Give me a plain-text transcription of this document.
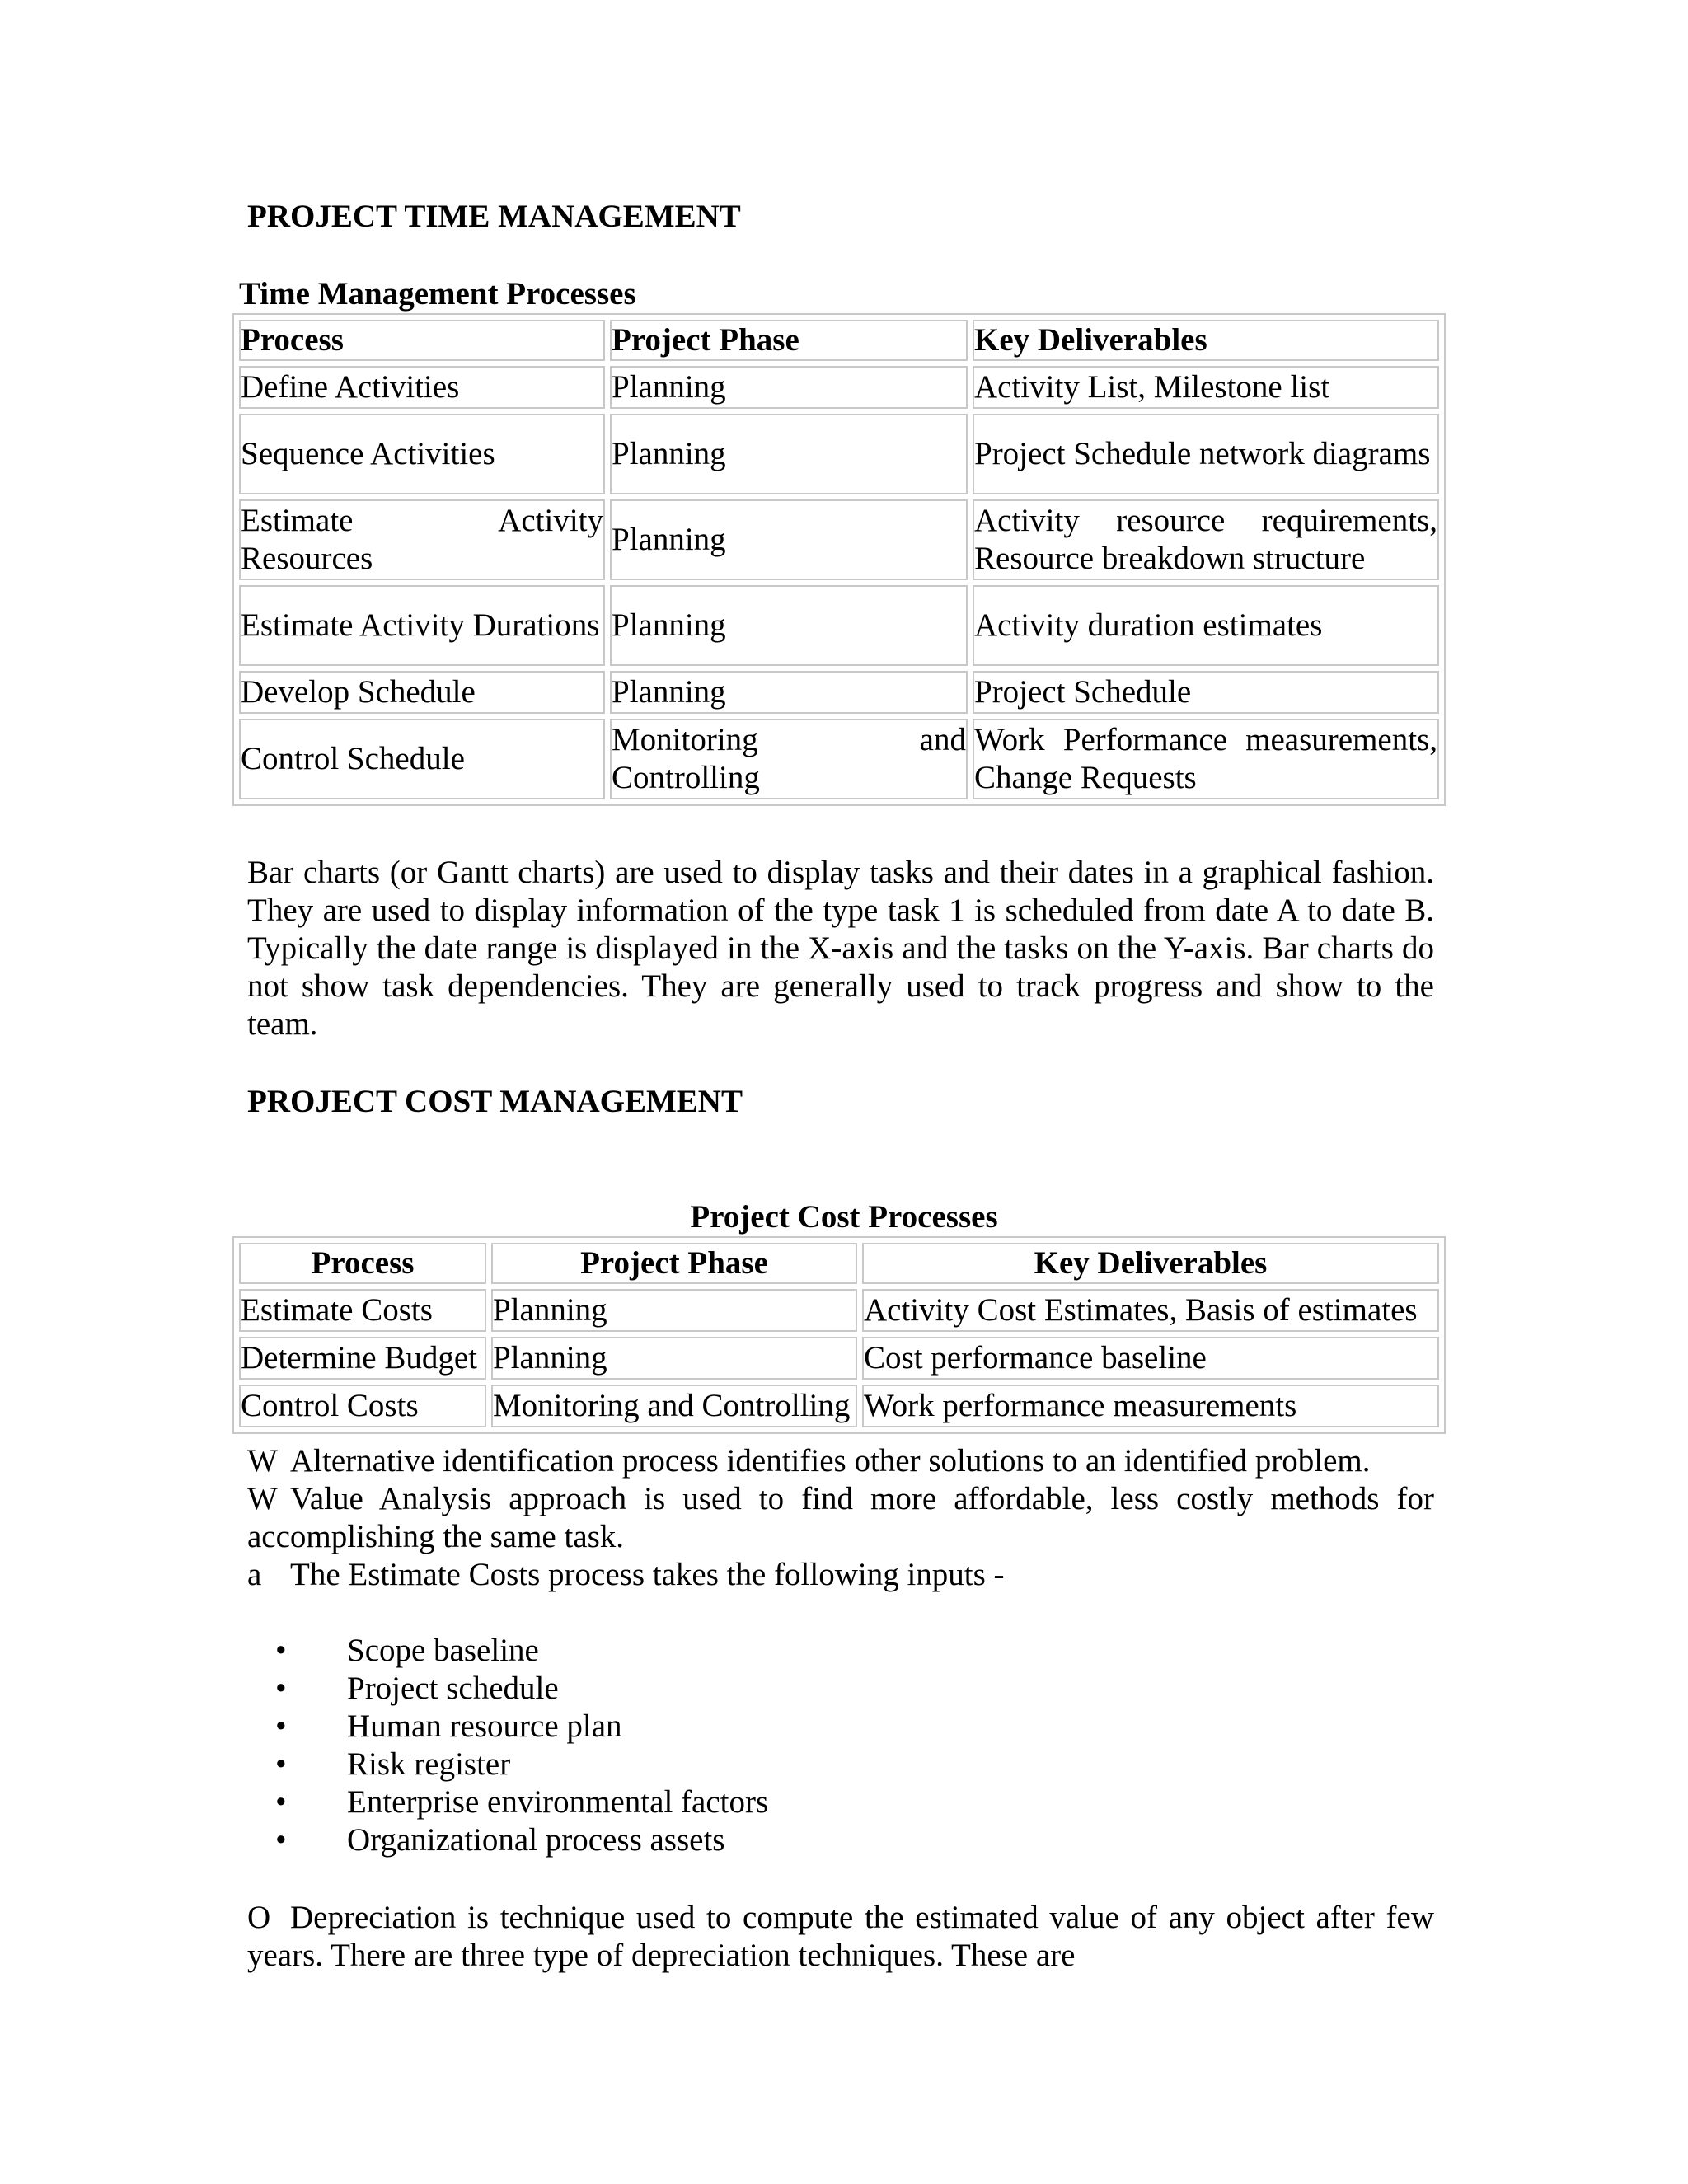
PROJECT TIME MANAGEMENT
Time Management Processes
Process	Project Phase	Key Deliverables
Define Activities	Planning	Activity List, Milestone list
Sequence Activities	Planning	Project Schedule network diagrams
Estimate Activity Resources	Planning	Activity resource requirements, Resource breakdown structure
Estimate Activity Durations	Planning	Activity duration estimates
Develop Schedule	Planning	Project Schedule
Control Schedule	Monitoring and Controlling	Work Performance measurements, Change Requests
Bar charts (or Gantt charts) are used to display tasks and their dates in a graphical fashion. They are used to display information of the type task 1 is scheduled from date A to date B. Typically the date range is displayed in the X-axis and the tasks on the Y-axis. Bar charts do not show task dependencies. They are generally used to track progress and show to the team.
PROJECT COST MANAGEMENT
Project Cost Processes
Process	Project Phase	Key Deliverables
Estimate Costs	Planning	Activity Cost Estimates, Basis of estimates
Determine Budget	Planning	Cost performance baseline
Control Costs	Monitoring and Controlling	Work performance measurements
W Alternative identification process identifies other solutions to an identified problem.
W Value Analysis approach is used to find more affordable, less costly methods for accomplishing the same task.
a The Estimate Costs process takes the following inputs -
• Scope baseline
• Project schedule
• Human resource plan
• Risk register
• Enterprise environmental factors
• Organizational process assets
O Depreciation is technique used to compute the estimated value of any object after few years. There are three type of depreciation techniques. These are
